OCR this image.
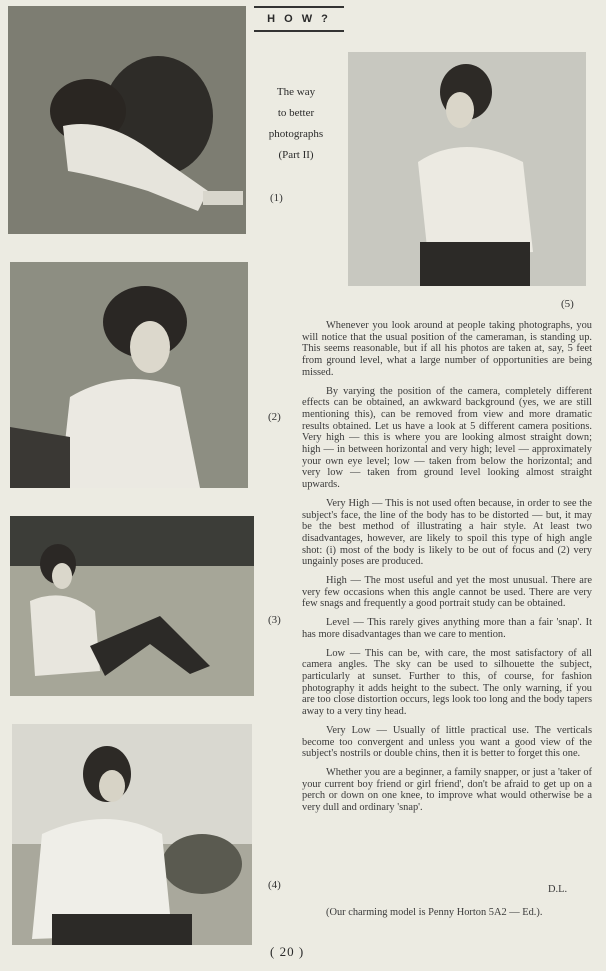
H O W ?
The way
to better
photographs
(Part II)
(1)
(2)
(3)
(4)
(5)

Whenever you look around at people taking photographs, you will notice that the usual position of the cameraman, is standing up. This seems reasonable, but if all his photos are taken at, say, 5 feet from ground level, what a large number of opportunities are being missed.

By varying the position of the camera, completely different effects can be obtained, an awkward background (yes, we are still mentioning this), can be removed from view and more dramatic results obtained. Let us have a look at 5 different camera positions. Very high — this is where you are looking almost straight down; high — in between horizontal and very high; level — approximately your own eye level; low — taken from below the horizontal; and very low — taken from ground level looking almost straight upwards.

Very High — This is not used often because, in order to see the subject's face, the line of the body has to be distorted — but, it may be the best method of illustrating a hair style. At least two disadvantages, however, are likely to spoil this type of high angle shot: (i) most of the body is likely to be out of focus and (2) very ungainly poses are produced.

High — The most useful and yet the most unusual. There are very few occasions when this angle cannot be used. There are very few snags and frequently a good portrait study can be obtained.

Level — This rarely gives anything more than a fair 'snap'. It has more disadvantages than we care to mention.

Low — This can be, with care, the most satisfactory of all camera angles. The sky can be used to silhouette the subject, particularly at sunset. Further to this, of course, for fashion photography it adds height to the subect. The only warning, if you are too close distortion occurs, legs look too long and the body tapers away to a very tiny head.

Very Low — Usually of little practical use. The verticals become too convergent and unless you want a good view of the subject's nostrils or double chins, then it is better to forget this one.

Whether you are a beginner, a family snapper, or just a 'taker of your current boy friend or girl friend', don't be afraid to get up on a perch or down on one knee, to improve what would otherwise be a very dull and ordinary 'snap'.

D.L.
(Our charming model is Penny Horton 5A2 — Ed.).
( 20 )
